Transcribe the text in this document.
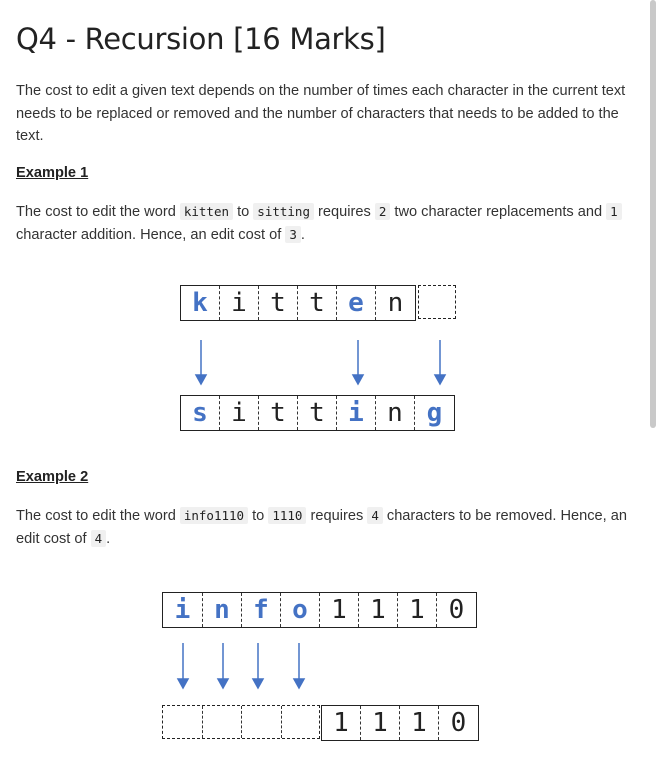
Q4 - Recursion [16 Marks]

The cost to edit a given text depends on the number of times each character in the current text needs to be replaced or removed and the number of characters that needs to be added to the text.

Example 1

The cost to edit the word kitten to sitting requires 2 two character replacements and 1 character addition. Hence, an edit cost of 3 .

Example 2

The cost to edit the word info1110 to 1110 requires 4 characters to be removed. Hence, an edit cost of 4 .

k i t t e n
s i t t i n g
i n f o 1 1 1 0
1 1 1 0
